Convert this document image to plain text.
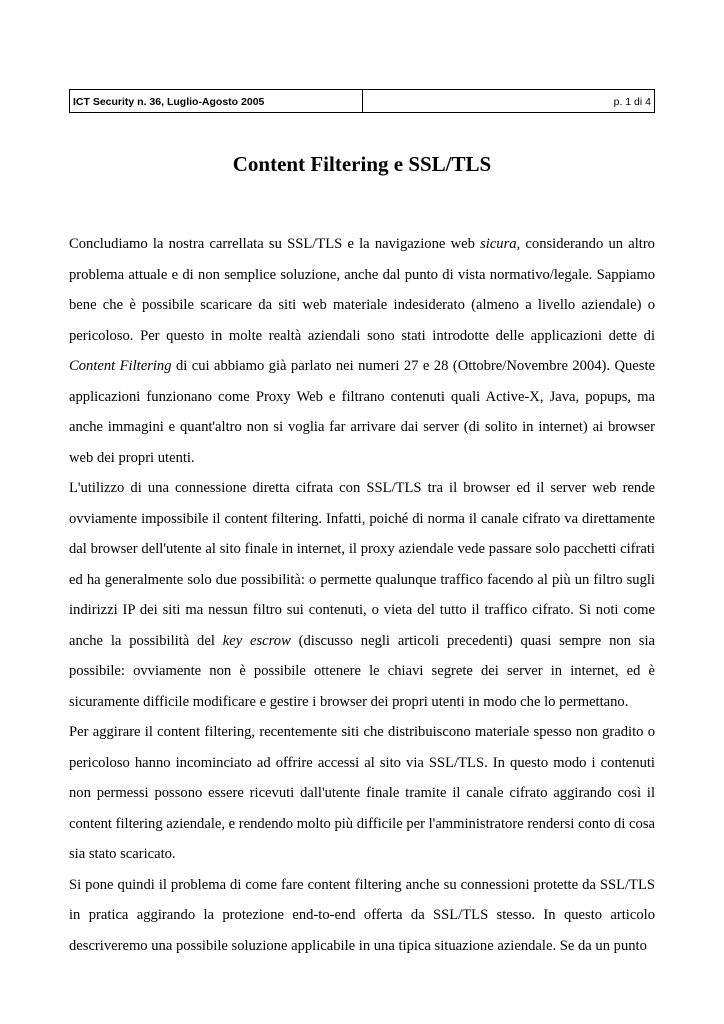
ICT Security n. 36, Luglio-Agosto 2005	p. 1 di 4
Content Filtering e SSL/TLS

Concludiamo la nostra carrellata su SSL/TLS e la navigazione web sicura, considerando un altro problema attuale e di non semplice soluzione, anche dal punto di vista normativo/legale. Sappiamo bene che è possibile scaricare da siti web materiale indesiderato (almeno a livello aziendale) o pericoloso. Per questo in molte realtà aziendali sono stati introdotte delle applicazioni dette di Content Filtering di cui abbiamo già parlato nei numeri 27 e 28 (Ottobre/Novembre 2004). Queste applicazioni funzionano come Proxy Web e filtrano contenuti quali Active-X, Java, popups, ma anche immagini e quant'altro non si voglia far arrivare dai server (di solito in internet) ai browser web dei propri utenti.

L'utilizzo di una connessione diretta cifrata con SSL/TLS tra il browser ed il server web rende ovviamente impossibile il content filtering. Infatti, poiché di norma il canale cifrato va direttamente dal browser dell'utente al sito finale in internet, il proxy aziendale vede passare solo pacchetti cifrati ed ha generalmente solo due possibilità: o permette qualunque traffico facendo al più un filtro sugli indirizzi IP dei siti ma nessun filtro sui contenuti, o vieta del tutto il traffico cifrato. Si noti come anche la possibilità del key escrow (discusso negli articoli precedenti) quasi sempre non sia possibile: ovviamente non è possibile ottenere le chiavi segrete dei server in internet, ed è sicuramente difficile modificare e gestire i browser dei propri utenti in modo che lo permettano.

Per aggirare il content filtering, recentemente siti che distribuiscono materiale spesso non gradito o pericoloso hanno incominciato ad offrire accessi al sito via SSL/TLS. In questo modo i contenuti non permessi possono essere ricevuti dall'utente finale tramite il canale cifrato aggirando così il content filtering aziendale, e rendendo molto più difficile per l'amministratore rendersi conto di cosa sia stato scaricato.

Si pone quindi il problema di come fare content filtering anche su connessioni protette da SSL/TLS in pratica aggirando la protezione end-to-end offerta da SSL/TLS stesso. In questo articolo descriveremo una possibile soluzione applicabile in una tipica situazione aziendale. Se da un punto
